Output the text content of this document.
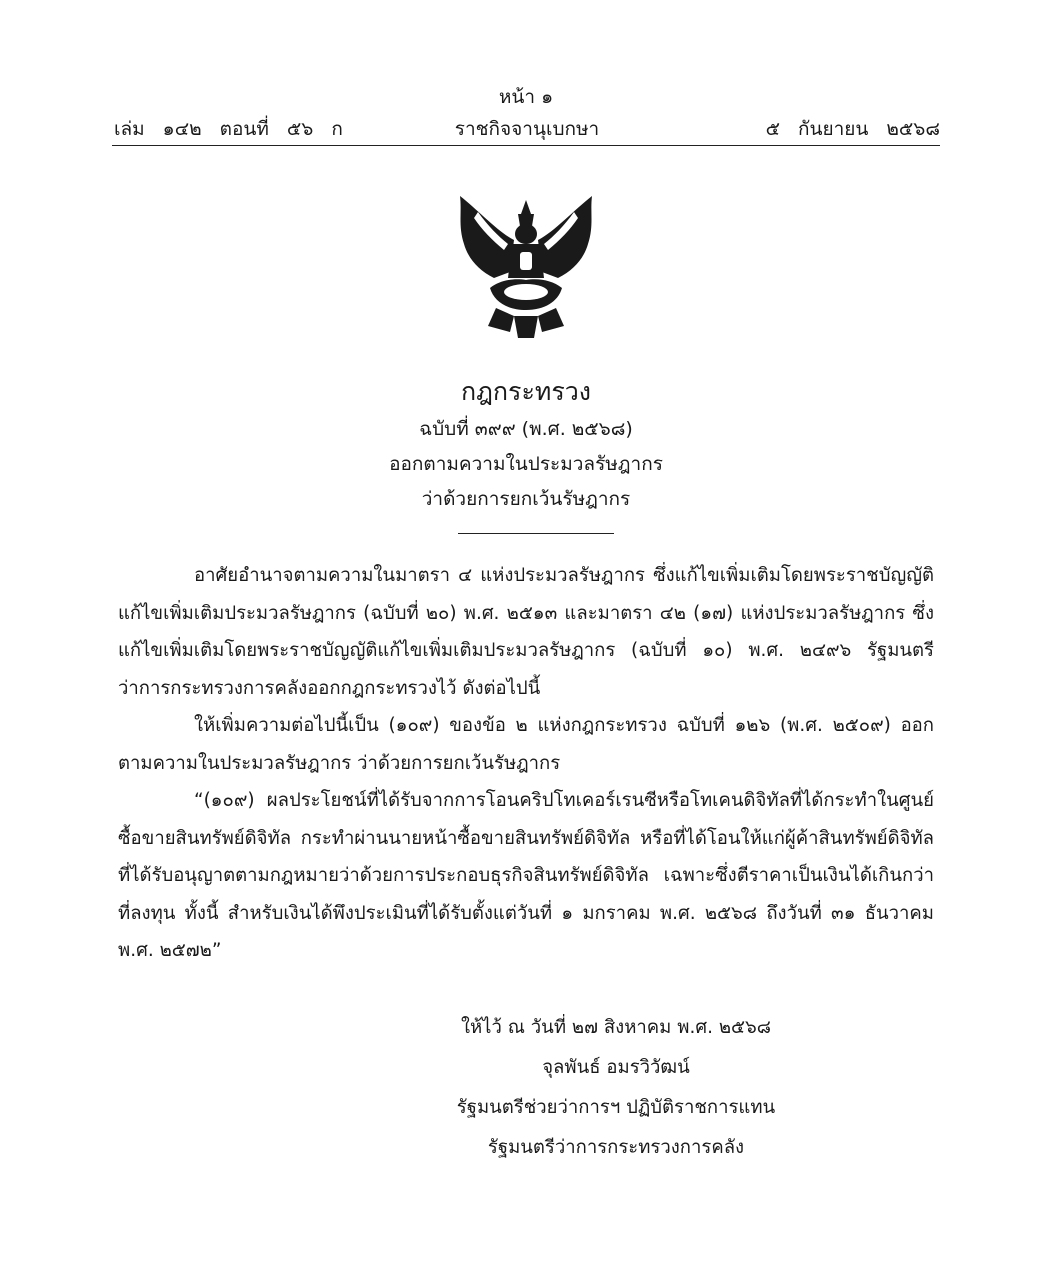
หน้า ๑
เล่ม ๑๔๒ ตอนที่ ๕๖ ก	ราชกิจจานุเบกษา	๕ กันยายน ๒๕๖๘
กฎกระทรวง
ฉบับที่ ๓๙๙ (พ.ศ. ๒๕๖๘)
ออกตามความในประมวลรัษฎากร
ว่าด้วยการยกเว้นรัษฎากร

อาศัยอำนาจตามความในมาตรา ๔ แห่งประมวลรัษฎากร ซึ่งแก้ไขเพิ่มเติมโดยพระราชบัญญัติแก้ไขเพิ่มเติมประมวลรัษฎากร (ฉบับที่ ๒๐) พ.ศ. ๒๕๑๓ และมาตรา ๔๒ (๑๗) แห่งประมวลรัษฎากร ซึ่งแก้ไขเพิ่มเติมโดยพระราชบัญญัติแก้ไขเพิ่มเติมประมวลรัษฎากร (ฉบับที่ ๑๐) พ.ศ. ๒๔๙๖ รัฐมนตรีว่าการกระทรวงการคลังออกกฎกระทรวงไว้ ดังต่อไปนี้

ให้เพิ่มความต่อไปนี้เป็น (๑๐๙) ของข้อ ๒ แห่งกฎกระทรวง ฉบับที่ ๑๒๖ (พ.ศ. ๒๕๐๙) ออกตามความในประมวลรัษฎากร ว่าด้วยการยกเว้นรัษฎากร

“(๑๐๙) ผลประโยชน์ที่ได้รับจากการโอนคริปโทเคอร์เรนซีหรือโทเคนดิจิทัลที่ได้กระทำในศูนย์ซื้อขายสินทรัพย์ดิจิทัล กระทำผ่านนายหน้าซื้อขายสินทรัพย์ดิจิทัล หรือที่ได้โอนให้แก่ผู้ค้าสินทรัพย์ดิจิทัล ที่ได้รับอนุญาตตามกฎหมายว่าด้วยการประกอบธุรกิจสินทรัพย์ดิจิทัล เฉพาะซึ่งตีราคาเป็นเงินได้เกินกว่าที่ลงทุน ทั้งนี้ สำหรับเงินได้พึงประเมินที่ได้รับตั้งแต่วันที่ ๑ มกราคม พ.ศ. ๒๕๖๘ ถึงวันที่ ๓๑ ธันวาคม พ.ศ. ๒๕๗๒”

ให้ไว้ ณ วันที่ ๒๗ สิงหาคม พ.ศ. ๒๕๖๘
จุลพันธ์ อมรวิวัฒน์
รัฐมนตรีช่วยว่าการฯ ปฏิบัติราชการแทน
รัฐมนตรีว่าการกระทรวงการคลัง
